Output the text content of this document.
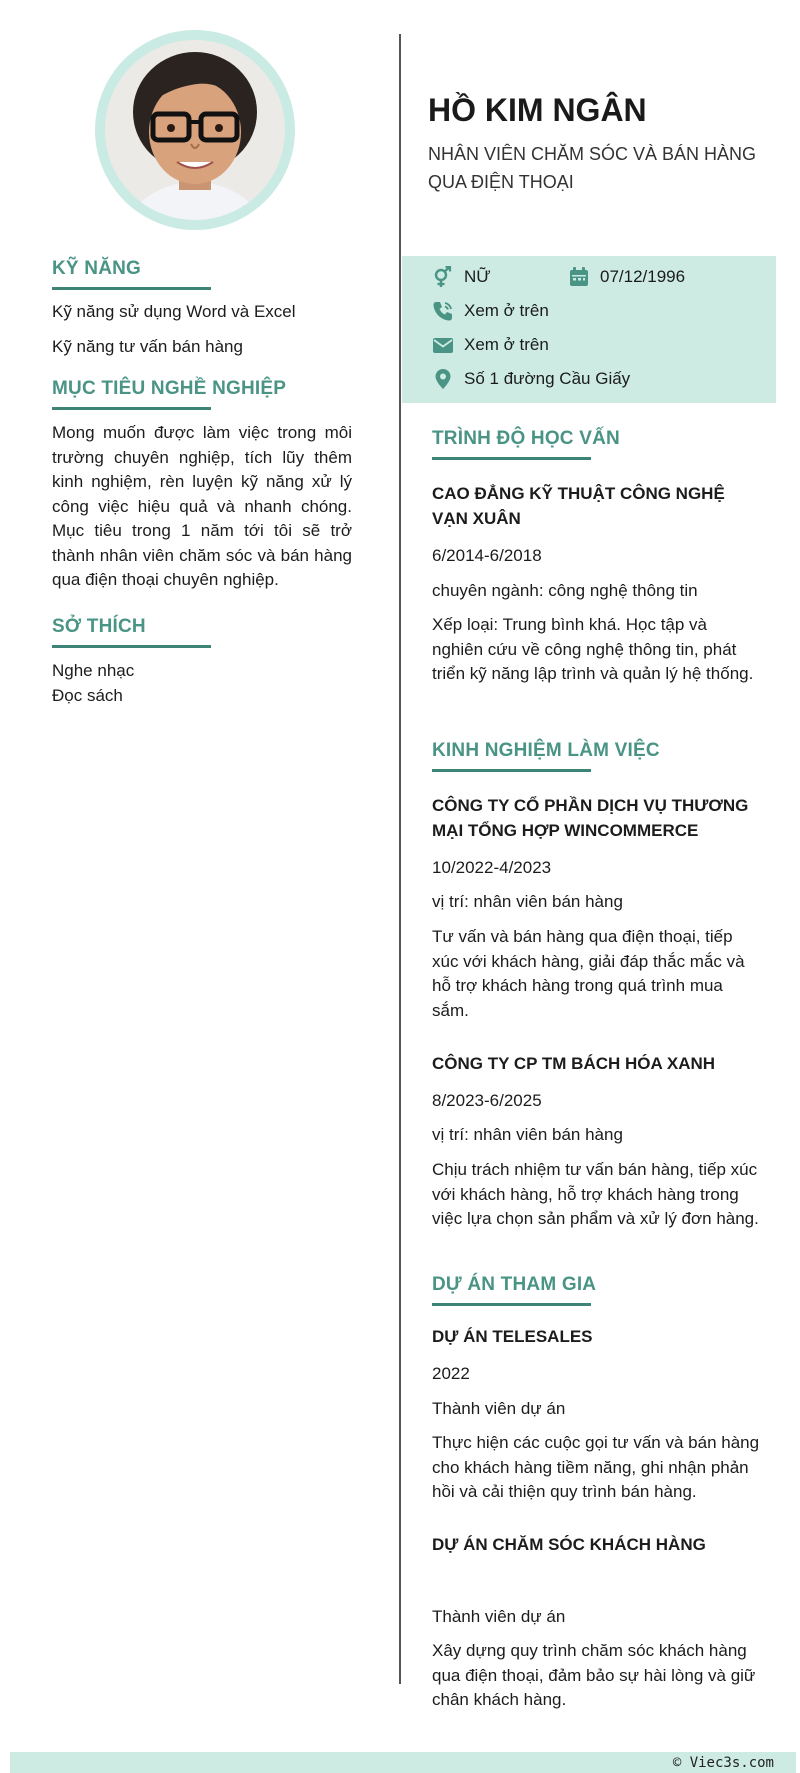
KỸ NĂNG
Kỹ năng sử dụng Word và Excel
Kỹ năng tư vấn bán hàng
MỤC TIÊU NGHỀ NGHIỆP
Mong muốn được làm việc trong môi trường chuyên nghiệp, tích lũy thêm kinh nghiệm, rèn luyện kỹ năng xử lý công việc hiệu quả và nhanh chóng. Mục tiêu trong 1 năm tới tôi sẽ trở thành nhân viên chăm sóc và bán hàng qua điện thoại chuyên nghiệp.
SỞ THÍCH
Nghe nhạc
Đọc sách
HỒ KIM NGÂN
NHÂN VIÊN CHĂM SÓC VÀ BÁN HÀNG QUA ĐIỆN THOẠI
NỮ	07/12/1996
Xem ở trên
Xem ở trên
Số 1 đường Cầu Giấy
TRÌNH ĐỘ HỌC VẤN
CAO ĐẲNG KỸ THUẬT CÔNG NGHỆ VẠN XUÂN
6/2014-6/2018
chuyên ngành: công nghệ thông tin
Xếp loại: Trung bình khá. Học tập và nghiên cứu về công nghệ thông tin, phát triển kỹ năng lập trình và quản lý hệ thống.
KINH NGHIỆM LÀM VIỆC
CÔNG TY CỔ PHẦN DỊCH VỤ THƯƠNG MẠI TỔNG HỢP WINCOMMERCE
10/2022-4/2023
vị trí: nhân viên bán hàng
Tư vấn và bán hàng qua điện thoại, tiếp xúc với khách hàng, giải đáp thắc mắc và hỗ trợ khách hàng trong quá trình mua sắm.
CÔNG TY CP TM BÁCH HÓA XANH
8/2023-6/2025
vị trí: nhân viên bán hàng
Chịu trách nhiệm tư vấn bán hàng, tiếp xúc với khách hàng, hỗ trợ khách hàng trong việc lựa chọn sản phẩm và xử lý đơn hàng.
DỰ ÁN THAM GIA
DỰ ÁN TELESALES
2022
Thành viên dự án
Thực hiện các cuộc gọi tư vấn và bán hàng cho khách hàng tiềm năng, ghi nhận phản hồi và cải thiện quy trình bán hàng.
DỰ ÁN CHĂM SÓC KHÁCH HÀNG
Thành viên dự án
Xây dựng quy trình chăm sóc khách hàng qua điện thoại, đảm bảo sự hài lòng và giữ chân khách hàng.
© Viec3s.com
